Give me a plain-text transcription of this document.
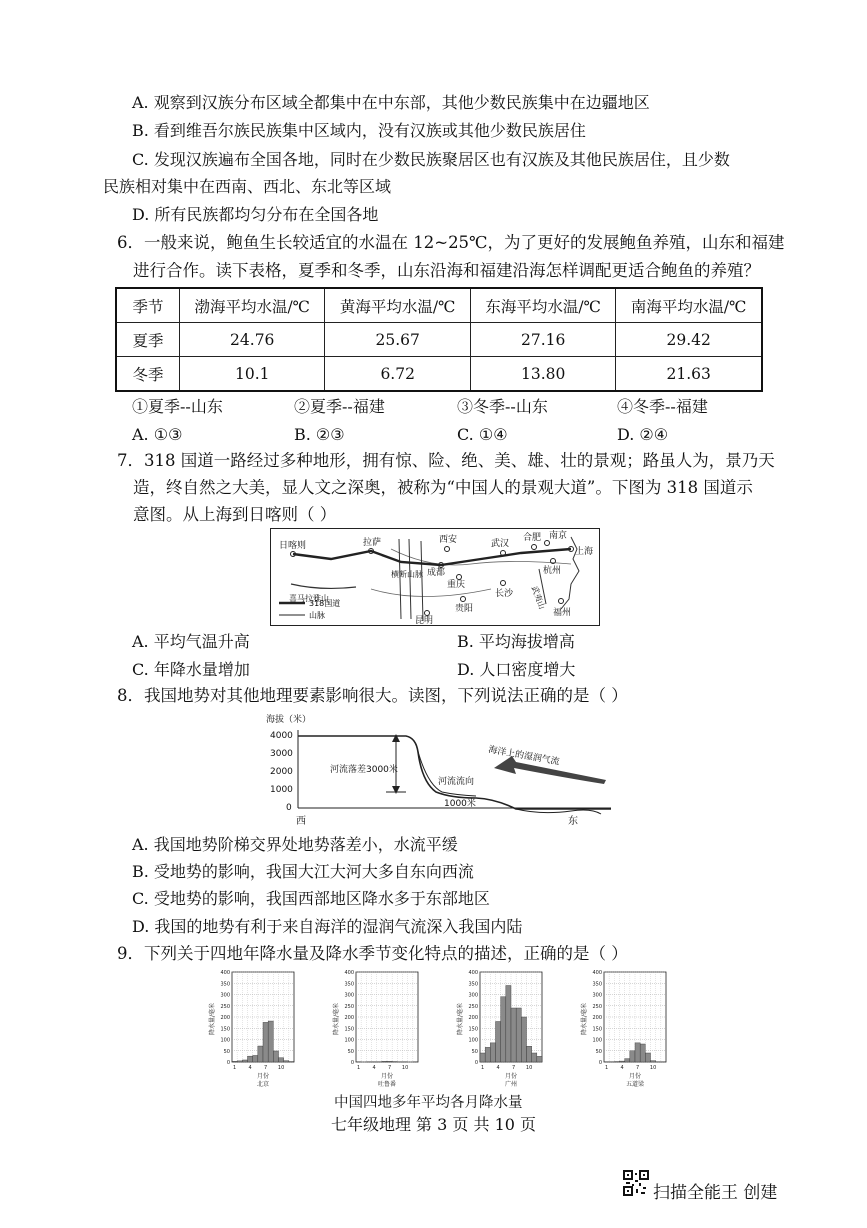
A. 观察到汉族分布区域全都集中在中东部，其他少数民族集中在边疆地区
B. 看到维吾尔族民族集中区域内，没有汉族或其他少数民族居住
C. 发现汉族遍布全国各地，同时在少数民族聚居区也有汉族及其他民族居住，且少数
民族相对集中在西南、西北、东北等区域
D. 所有民族都均匀分布在全国各地
6．一般来说，鲍鱼生长较适宜的水温在 12~25℃，为了更好的发展鲍鱼养殖，山东和福建
进行合作。读下表格，夏季和冬季，山东沿海和福建沿海怎样调配更适合鲍鱼的养殖？
季节	渤海平均水温/℃	黄海平均水温/℃	东海平均水温/℃	南海平均水温/℃
夏季	24.76	25.67	27.16	29.42
冬季	10.1	6.72	13.80	21.63
①夏季--山东	②夏季--福建	③冬季--山东	④冬季--福建
A. ①③	B. ②③	C. ①④	D. ②④
7．318 国道一路经过多种地形，拥有惊、险、绝、美、雄、壮的景观；路虽人为，景乃天
造，终自然之大美，显人文之深奥，被称为“中国人的景观大道”。下图为 318 国道示
意图。从上海到日喀则（ ）
日喀则	拉萨	西安
成都
重庆
武汉
合肥 南京
上海
杭州
贵阳
长沙
昆明
福州
喜马拉雅山
横断山脉
武夷山
318国道
山脉
A. 平均气温升高	B. 平均海拔增高
C. 年降水量增加	D. 人口密度增大
8．我国地势对其他地理要素影响很大。读图，下列说法正确的是（ ）
海拔（米）
4000
3000
2000
1000
0
河流落差3000米
河流流向
1000米
海洋上的湿润气流
西	东
A. 我国地势阶梯交界处地势落差小，水流平缓
B. 受地势的影响，我国大江大河大多自东向西流
C. 受地势的影响，我国西部地区降水多于东部地区
D. 我国的地势有利于来自海洋的湿润气流深入我国内陆
9．下列关于四地年降水量及降水季节变化特点的描述，正确的是（ ）
400
350
300
250
200
150
100
50
0
1 4 7 10
降水量/毫米
月份
北京
400
350
300
250
200
150
100
50
0
1 4 7 10
降水量/毫米
月份
吐鲁番
400
350
300
250
200
150
100
50
0
1 4 7 10
降水量/毫米
月份
广州
400
350
300
250
200
150
100
50
0
1 4 7 10
降水量/毫米
月份
五道梁
中国四地多年平均各月降水量
七年级地理 第 3 页 共 10 页
扫描全能王 创建
